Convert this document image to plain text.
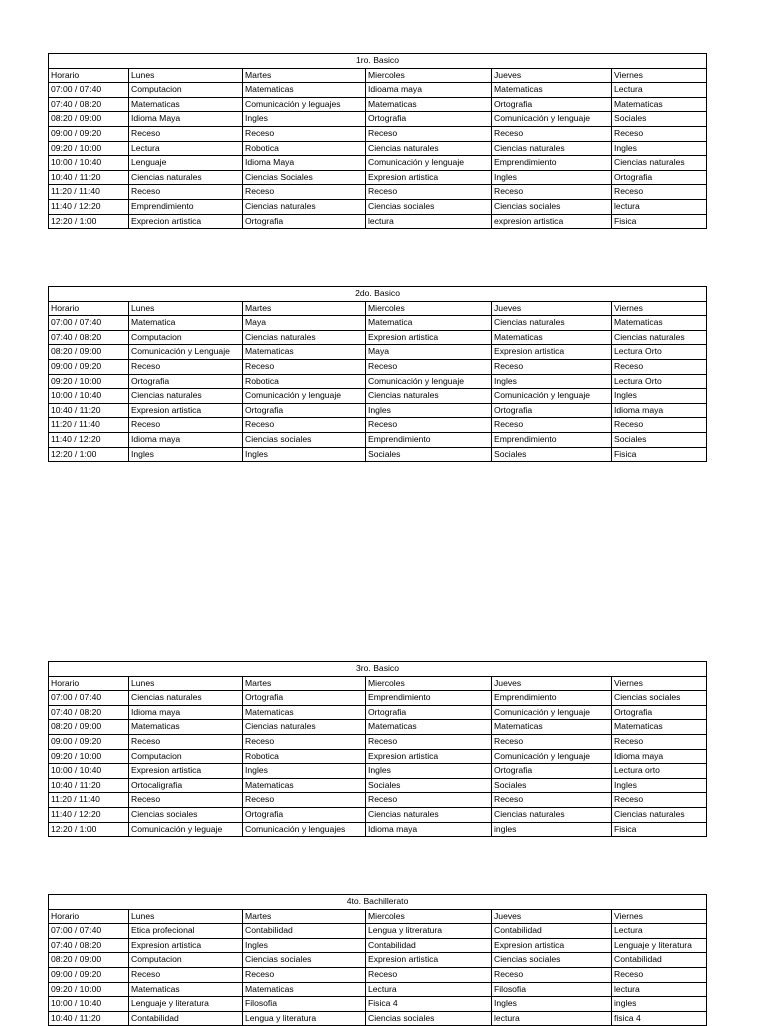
1ro. Basico					
Horario	Lunes	Martes	Miercoles	Jueves	Viernes
07:00 / 07:40	Computacion	Matematicas	Idioama maya	Matematicas	Lectura
07:40 / 08:20	Matematicas	Comunicación y leguajes	Matematicas	Ortografia	Matematicas
08:20 / 09:00	Idioma Maya	Ingles	Ortografia	Comunicación y lenguaje	Sociales
09:00 / 09:20	Receso	Receso	Receso	Receso	Receso
09:20 / 10:00	Lectura	Robotica	Ciencias naturales	Ciencias naturales	Ingles
10:00 / 10:40	Lenguaje	Idioma Maya	Comunicación y lenguaje	Emprendimiento	Ciencias naturales
10:40 / 11:20	Ciencias naturales	Ciencias Sociales	Expresion artistica	Ingles	Ortografia
11:20 / 11:40	Receso	Receso	Receso	Receso	Receso
11:40 / 12:20	Emprendimiento	Ciencias naturales	Ciencias sociales	Ciencias sociales	lectura
12:20 / 1:00	Exprecion artistica	Ortografia	lectura	expresion artistica	Fisica
2do. Basico					
Horario	Lunes	Martes	Miercoles	Jueves	Viernes
07:00 / 07:40	Matematica	Maya	Matematica	Ciencias naturales	Matematicas
07:40 / 08:20	Computacion	Ciencias naturales	Expresion artistica	Matematicas	Ciencias naturales
08:20 / 09:00	Comunicación y Lenguaje	Matematicas	Maya	Expresion artistica	Lectura Orto
09:00 / 09:20	Receso	Receso	Receso	Receso	Receso
09:20 / 10:00	Ortografia	Robotica	Comunicación y lenguaje	Ingles	Lectura Orto
10:00 / 10:40	Ciencias naturales	Comunicación y lenguaje	Ciencias naturales	Comunicación y lenguaje	Ingles
10:40 / 11:20	Expresion artistica	Ortografia	Ingles	Ortografia	Idioma maya
11:20 / 11:40	Receso	Receso	Receso	Receso	Receso
11:40 / 12:20	Idioma maya	Ciencias sociales	Emprendimiento	Emprendimiento	Sociales
12:20 / 1:00	Ingles	Ingles	Sociales	Sociales	Fisica
3ro. Basico					
Horario	Lunes	Martes	Miercoles	Jueves	Viernes
07:00 / 07:40	Ciencias naturales	Ortografia	Emprendimiento	Emprendimiento	Ciencias sociales
07:40 / 08:20	Idioma maya	Matematicas	Ortografia	Comunicación y lenguaje	Ortografia
08:20 / 09:00	Matematicas	Ciencias naturales	Matematicas	Matematicas	Matematicas
09:00 / 09:20	Receso	Receso	Receso	Receso	Receso
09:20 / 10:00	Computacion	Robotica	Expresion artistica	Comunicación y lenguaje	Idioma maya
10:00 / 10:40	Expresion artistica	Ingles	Ingles	Ortografia	Lectura orto
10:40 / 11:20	Ortocaligrafia	Matematicas	Sociales	Sociales	Ingles
11:20 / 11:40	Receso	Receso	Receso	Receso	Receso
11:40 / 12:20	Ciencias sociales	Ortografia	Ciencias naturales	Ciencias naturales	Ciencias naturales
12:20 / 1:00	Comunicación y leguaje	Comunicación y lenguajes	Idioma maya	ingles	Fisica
4to. Bachillerato					
Horario	Lunes	Martes	Miercoles	Jueves	Viernes
07:00 / 07:40	Etica profecional	Contabilidad	Lengua y litreratura	Contabilidad	Lectura
07:40 / 08:20	Expresion artistica	Ingles	Contabilidad	Expresion artistica	Lenguaje y literatura
08:20 / 09:00	Computacion	Ciencias sociales	Expresion artistica	Ciencias sociales	Contabilidad
09:00 / 09:20	Receso	Receso	Receso	Receso	Receso
09:20 / 10:00	Matematicas	Matematicas	Lectura	Filosofia	lectura
10:00 / 10:40	Lenguaje y literatura	Filosofia	Fisica 4	Ingles	ingles
10:40 / 11:20	Contabilidad	Lengua y literatura	Ciencias sociales	lectura	fisica 4
